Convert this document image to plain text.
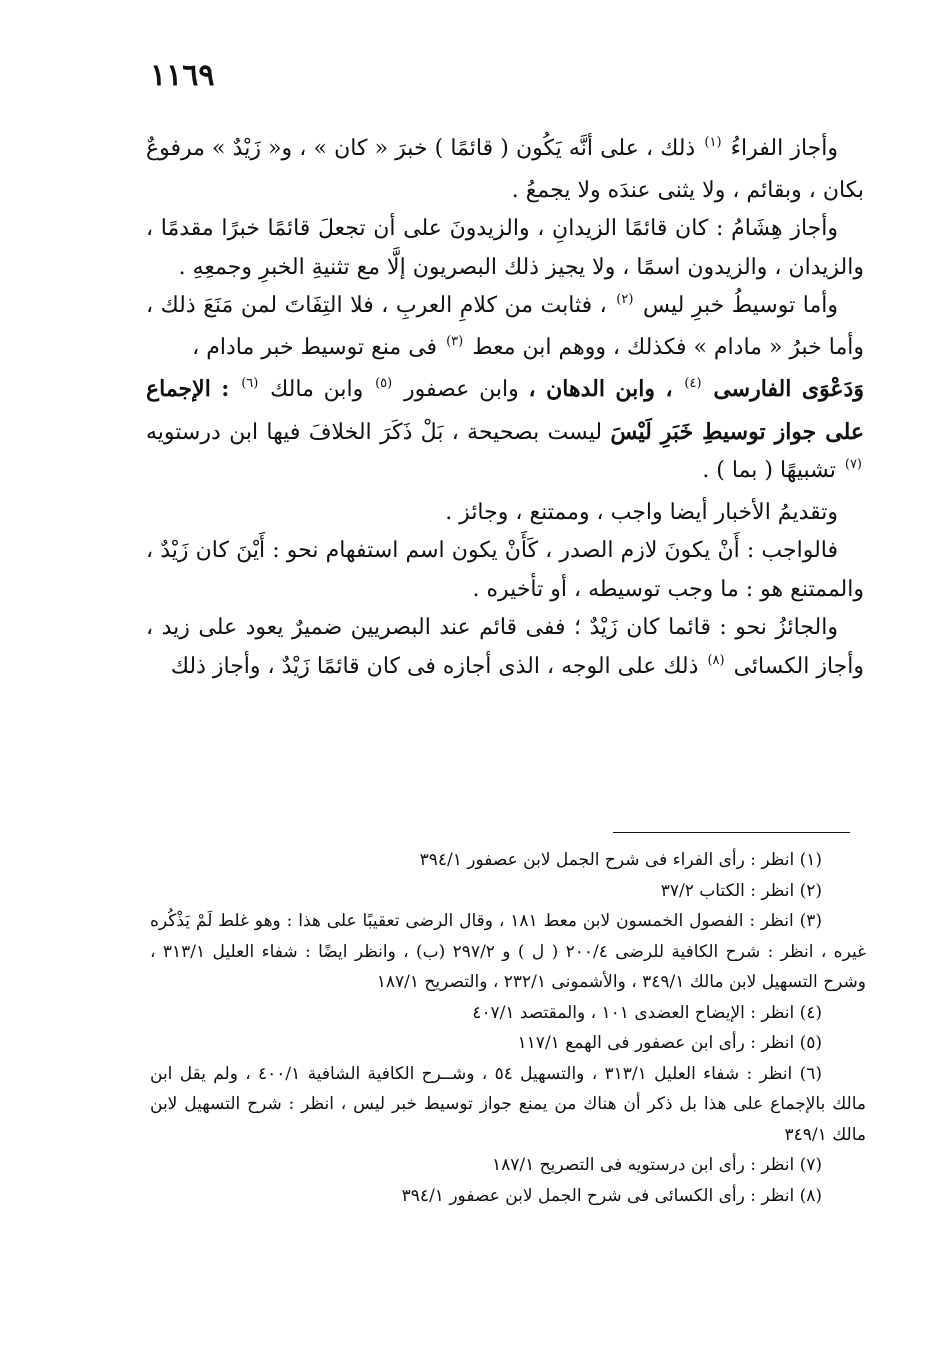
١١٦٩

وأجاز الفراءُ $^{(١)}$ ذلك ، على أنَّه يَكُون ( قائمًا ) خبرَ « كان » ، و« زَيْدٌ » مرفوعٌ بكان ، وبقائم ، ولا يثنى عندَه ولا يجمعُ .

وأجاز هِشَامُ : كان قائمًا الزيدانِ ، والزيدونَ على أن تجعلَ قائمًا خبرًا مقدمًا ، والزيدان ، والزيدون اسمًا ، ولا يجيز ذلك البصريون إلَّا مع تثنيةِ الخبرِ وجمعِهِ .

وأما توسيطُ خبرِ ليس $^{(٢)}$ ، فثابت من كلامِ العربِ ، فلا التِفَاتَ لمن مَنَعَ ذلك ، وأما خبرُ « مادام » فكذلك ، ووهم ابن معط $^{(٣)}$ فى منع توسيط خبر مادام ،

وَدَعْوَى الفارسى $^{(٤)}$ ، وابن الدهان ، وابن عصفور $^{(٥)}$ وابن مالك $^{(٦)}$ : الإجماع على جواز توسيطِ خَبَرِ لَيْسَ ليست بصحيحة ، بَلْ ذَكَرَ الخلافَ فيها ابن درستويه $^{(٧)}$ تشبيهًا ( بما ) .

وتقديمُ الأخبار أيضا واجب ، وممتنع ، وجائز .

فالواجب : أَنْ يكونَ لازم الصدر ، كَأَنْ يكون اسم استفهام نحو : أَيْنَ كان زَيْدٌ ، والممتنع هو : ما وجب توسيطه ، أو تأخيره .

والجائزُ نحو : قائما كان زَيْدٌ ؛ ففى قائم عند البصريين ضميرٌ يعود على زيد ، وأجاز الكسائى $^{(٨)}$ ذلك على الوجه ، الذى أجازه فى كان قائمًا زَيْدٌ ، وأجاز ذلك

(١) انظر : رأى الفراء فى شرح الجمل لابن عصفور ٣٩٤/١

(٢) انظر : الكتاب ٣٧/٢

(٣) انظر : الفصول الخمسون لابن معط ١٨١ ، وقال الرضى تعقيبًا على هذا : وهو غلط لَمْ يَذْكُره غيره ، انظر : شرح الكافية للرضى ٢٠٠/٤ ( ل ) و ٢٩٧/٢ (ب) ، وانظر ايضًا : شفاء العليل ٣١٣/١ ، وشرح التسهيل لابن مالك ٣٤٩/١ ، والأشمونى ٢٣٢/١ ، والتصريح ١٨٧/١

(٤) انظر : الإيضاح العضدى ١٠١ ، والمقتصد ٤٠٧/١

(٥) انظر : رأى ابن عصفور فى الهمع ١١٧/١

(٦) انظر : شفاء العليل ٣١٣/١ ، والتسهيل ٥٤ ، وشــرح الكافية الشافية ٤٠٠/١ ، ولم يقل ابن مالك بالإجماع على هذا بل ذكر أن هناك من يمنع جواز توسيط خبر ليس ، انظر : شرح التسهيل لابن مالك ٣٤٩/١

(٧) انظر : رأى ابن درستويه فى التصريح ١٨٧/١

(٨) انظر : رأى الكسائى فى شرح الجمل لابن عصفور ٣٩٤/١
